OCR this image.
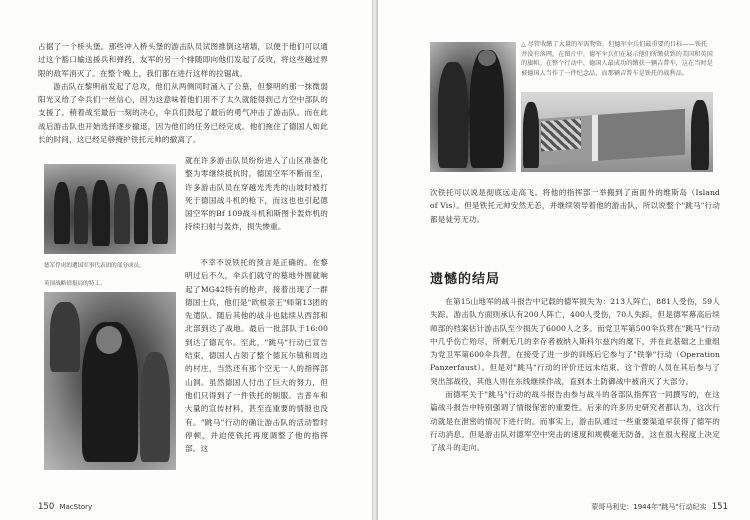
占据了一个桥头堡。那些冲入桥头堡的游击队员试图推倒这堵墙，以便于他们可以通过这个豁口输送援兵和弹药，友军的另一个排随即向他们发起了反攻，将这些越过界限的敌军消灭了。在整个晚上，我们都在进行这样的拉锯战。

游击队在黎明前发起了总攻，他们从两侧同时涌入了公墓，但黎明的那一抹微弱阳光又给了伞兵们一丝信心，因为这意味着他们用不了太久就能得到己方空中部队的支援了。稍着战至最后一刻的决心，伞兵们鼓起了最后的勇气冲击了游击队。而在此战后游击队也开始选择逐步撤退，因为他们的任务已经完成。他们拖住了德国人如此长的时间，这已经足够掩护铁托元帅的撤离了。

德军俘虏的遭国军事代表团的部分成员。
英国战略情报局的特工。

就在许多游击队员纷纷进入了山区准备化整为零继续抵抗时，德国空军不断而至，许多游击队员在穿越光秃秃的山坡时被打死于德国战斗机的枪下，而这也也引起德国空军的Bf 109战斗机和斯图卡轰炸机的持续扫射与轰炸，损失惨重。

不幸不说铁托的预言是正确的。在黎明过后不久，伞兵们就守的墓地外围就响起了MG42特有的枪声，接着出现了一群德国士兵，他们是"欧根亲王"师第13团的先遣队。随后其他的战斗也陆续从西部和北部到达了战地。最后一批部队于16:00到达了德瓦尔。至此，"跳马"行动已宣告结束，德国人占领了整个德瓦尔镇和周边的村庄，当然还有那个空无一人的指挥部山洞。虽然德国人付出了巨大的努力，但他们只得到了一件铁托的制服。吉普车和大量的宣传材料，甚至连重要的情报也没有。"跳马"行动的确让游击队的活动暂时停顿，并迫使铁托再度调整了他的指挥部。这

150 MacStory
△ 尽管收缴了大量的军需物资，但德军伞兵们最重要的目标——铁托并没有落网。在图片中，德军伞兵们在展示他们所缴获到的美国和英国的旗帜。在整个行动中，德国人最成功的缴获一辆吉普车，这在当时是被德国人当作了一件纪念品，而那辆吉普车是铁托的战利品。

次铁托可以说是彻底远走高飞。将他的指挥部一举搬到了南面外的维斯岛（Island of Vis）。但是铁托元帅安然无恙，并继续领导着他的游击队，所以说整个"跳马"行动都是徒劳无功。

遗憾的结局

在第15山地军的战斗报告中记载的德军损失为：213人阵亡，881人受伤，59人失踪。游击队方面则承认有200人阵亡，400人受伤，70人失踪，但是德军幕高后续师部的档案估计游击队至少损失了6000人之多。而党卫军第500伞兵营在"跳马"行动中几乎伤亡殆尽，所剩无几的幸存者被纳入斯科尔兹内的麾下，并在此基础之上重组为党卫军第600伞兵营，在接受了进一步的训练后它参与了"铁拳"行动（Operation Panzerfaust）。但是对"跳马"行动的评价还远未结束。这个营的人员在其后参与了突出部战役，其他人则在东线继续作战，直到本土防御战中被消灭了大部分。

而德军关于"跳马"行动的战斗报告由参与战斗的各部队指挥官一同撰写的，在这篇战斗报告中特别强调了情报保密的重要性。后来的许多历史研究者都认为，这次行动就是在泄密的情况下进行的。而事实上，游击队通过一些重要渠道早获得了德军的行动消息。但是游击队对德军空中突击的速度和规模毫无防备，这在很大程度上决定了战斗的走向。

蒙哥马利史：1944年"跳马"行动纪实 151
